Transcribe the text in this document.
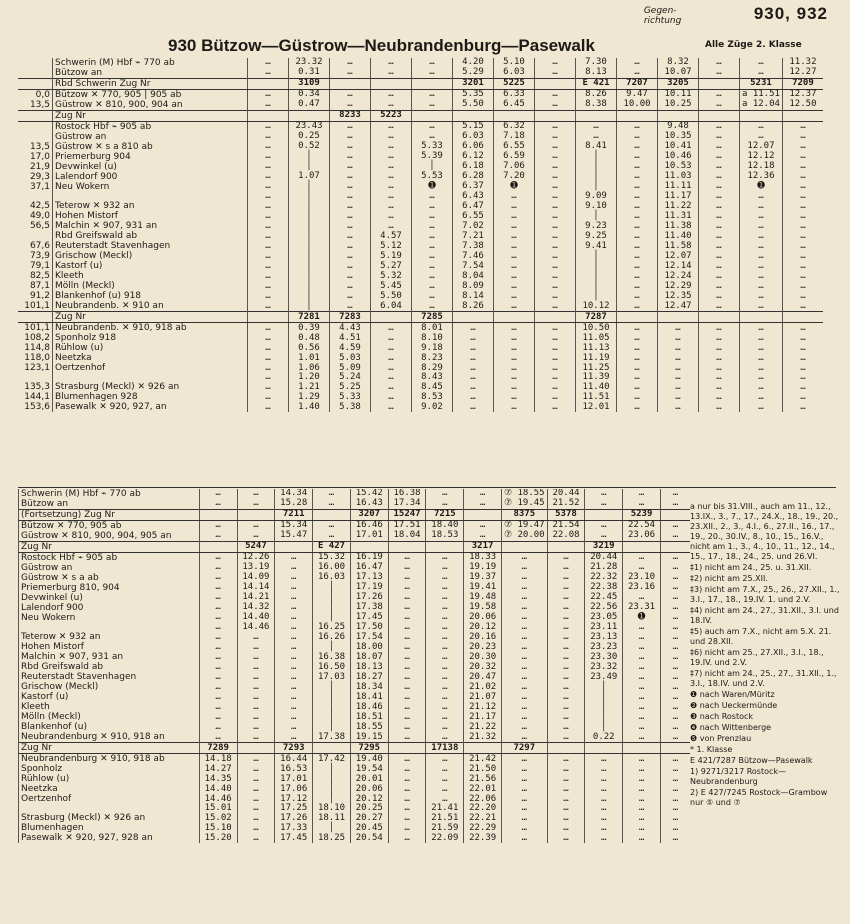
Gegen-
richtung	930, 932
930 Bützow—Güstrow—Neubrandenburg—Pasewalk	Alle Züge 2. Klasse
	Schwerin (M) Hbf ⌁ 770 ab	…	23.32	…	…	…	4.20	5.10	…	7.30	…	8.32	…	…	11.32
	Bützow an	…	0.31	…	…	…	5.29	6.03	…	8.13	…	10.07	…	…	12.27
	Rbd Schwerin Zug Nr		3109				3201	5225		E 421	7207	3205		5231	7209
0,0	Bützow ✕ 770, 905 | 905 ab	…	0.34	…	…	…	5.35	6.33	…	8.26	9.47	10.11	…	a 11.51	12.37
13,5	Güstrow ✕ 810, 900, 904 an	…	0.47	…	…	…	5.50	6.45	…	8.38	10.00	10.25	…	a 12.04	12.50
	Zug Nr			8233	5223										
	Rostock Hbf ⌁ 905 ab	…	23.43	…	…	…	5.15	6.32	…	…	…	9.48	…	…	…
	Güstrow an	…	0.25	…	…	…	6.03	7.18	…	…	…	10.35	…	…	…
13,5	Güstrow ✕ s a 810 ab	…	0.52	…	…	5.33	6.06	6.55	…	8.41	…	10.41	…	12.07	…
17,0	Priemerburg 904	…	│	…	…	5.39	6.12	6.59	…	│	…	10.46	…	12.12	…
21,9	Devwinkel (u)	…	│	…	…	│	6.18	7.06	…	│	…	10.53	…	12.18	…
29,3	Lalendorf 900	…	1.07	…	…	5.53	6.28	7.20	…	│	…	11.03	…	12.36	…
37,1	Neu Wokern	…	│	…	…	➊	6.37	➊	…	│	…	11.11	…	➊	…
		…	│	…	…	…	6.43	…	…	9.09	…	11.17	…	…	…
42,5	Teterow ✕ 932 an	…	│	…	…	…	6.47	…	…	9.10	…	11.22	…	…	…
49,0	Hohen Mistorf	…	│	…	…	…	6.55	…	…	│	…	11.31	…	…	…
56,5	Malchin ✕ 907, 931 an	…	│	…	…	…	7.02	…	…	9.23	…	11.38	…	…	…
	Rbd Greifswald ab	…	│	…	4.57	…	7.21	…	…	9.25	…	11.40	…	…	…
67,6	Reuterstadt Stavenhagen	…	│	…	5.12	…	7.38	…	…	9.41	…	11.58	…	…	…
73,9	Grischow (Meckl)	…	│	…	5.19	…	7.46	…	…	│	…	12.07	…	…	…
79,1	Kastorf (u)	…	│	…	5.27	…	7.54	…	…	│	…	12.14	…	…	…
82,5	Kleeth	…	│	…	5.32	…	8.04	…	…	│	…	12.24	…	…	…
87,1	Mölln (Meckl)	…	│	…	5.45	…	8.09	…	…	│	…	12.29	…	…	…
91,2	Blankenhof (u) 918	…	│	…	5.50	…	8.14	…	…	│	…	12.35	…	…	…
101,1	Neubrandenb. ✕ 910 an	…	│	…	6.04	…	8.26	…	…	10.12	…	12.47	…	…	…
	Zug Nr		7281	7283		7285				7287					
101,1	Neubrandenb. ✕ 910, 918 ab	…	0.39	4.43	…	8.01	…	…	…	10.50	…	…	…	…	…
108,2	Sponholz 918	…	0.48	4.51	…	8.10	…	…	…	11.05	…	…	…	…	…
114,8	Rühlow (u)	…	0.56	4.59	…	9.18	…	…	…	11.13	…	…	…	…	…
118,0	Neetzka	…	1.01	5.03	…	8.23	…	…	…	11.19	…	…	…	…	…
123,1	Oertzenhof	…	1.06	5.09	…	8.29	…	…	…	11.25	…	…	…	…	…
		…	1.20	5.24	…	8.43	…	…	…	11.39	…	…	…	…	…
135,3	Strasburg (Meckl) ✕ 926 an	…	1.21	5.25	…	8.45	…	…	…	11.40	…	…	…	…	…
144,1	Blumenhagen 928	…	1.29	5.33	…	8.53	…	…	…	11.51	…	…	…	…	…
153,6	Pasewalk ✕ 920, 927, an	…	1.40	5.38	…	9.02	…	…	…	12.01	…	…	…	…	…
Schwerin (M) Hbf ⌁ 770 ab	…	…	14.34	…	15.42	16.38	…	…	⑦ 18.55	20.44	…	…	…
Bützow an	…	…	15.28	…	16.43	17.34	…	…	⑦ 19.45	21.52	…	…	…
(Fortsetzung) Zug Nr			7211		3207	15247	7215		8375	5378		5239	
Bützow ✕ 770, 905 ab	…	…	15.34	…	16.46	17.51	18.40	…	⑦ 19.47	21.54	…	22.54	…
Güstrow ✕ 810, 900, 904, 905 an	…	…	15.47	…	17.01	18.04	18.53	…	⑦ 20.00	22.08	…	23.06	…
Zug Nr		5247		E 427				3217			3219		
Rostock Hbf ⌁ 905 ab	…	12.26	…	15.32	16.19	…	…	18.33	…	…	20.44	…	…
Güstrow an	…	13.19	…	16.00	16.47	…	…	19.19	…	…	21.28	…	…
Güstrow ✕ s a ab	…	14.09	…	16.03	17.13	…	…	19.37	…	…	22.32	23.10	…
Priemerburg 810, 904	…	14.14	…	│	17.19	…	…	19.41	…	…	22.38	23.16	…
Devwinkel (u)	…	14.21	…	│	17.26	…	…	19.48	…	…	22.45	…	…
Lalendorf 900	…	14.32	…	│	17.38	…	…	19.58	…	…	22.56	23.31	…
Neu Wokern	…	14.40	…	│	17.45	…	…	20.06	…	…	23.05	➊	…
	…	14.46	…	16.25	17.50	…	…	20.12	…	…	23.11	…	…
Teterow ✕ 932 an	…	…	…	16.26	17.54	…	…	20.16	…	…	23.13	…	…
Hohen Mistorf	…	…	…	│	18.00	…	…	20.23	…	…	23.23	…	…
Malchin ✕ 907, 931 an	…	…	…	16.38	18.07	…	…	20.30	…	…	23.30	…	…
Rbd Greifswald ab	…	…	…	16.50	18.13	…	…	20.32	…	…	23.32	…	…
Reuterstadt Stavenhagen	…	…	…	17.03	18.27	…	…	20.47	…	…	23.49	…	…
Grischow (Meckl)	…	…	…	│	18.34	…	…	21.02	…	…	│	…	…
Kastorf (u)	…	…	…	│	18.41	…	…	21.07	…	…	│	…	…
Kleeth	…	…	…	│	18.46	…	…	21.12	…	…	│	…	…
Mölln (Meckl)	…	…	…	│	18.51	…	…	21.17	…	…	│	…	…
Blankenhof (u)	…	…	…	│	18.55	…	…	21.22	…	…	│	…	…
Neubrandenburg ✕ 910, 918 an	…	…	…	17.38	19.15	…	…	21.32	…	…	0.22	…	…
Zug Nr	7289		7293		7295		17138		7297				
Neubrandenburg ✕ 910, 918 ab	14.18	…	16.44	17.42	19.40	…	…	21.42	…	…	…	…	…
Sponholz	14.27	…	16.53	│	19.54	…	…	21.50	…	…	…	…	…
Rühlow (u)	14.35	…	17.01	│	20.01	…	…	21.56	…	…	…	…	…
Neetzka	14.40	…	17.06	│	20.06	…	…	22.01	…	…	…	…	…
Oertzenhof	14.46	…	17.12	│	20.12	…	…	22.06	…	…	…	…	…
	15.01	…	17.25	18.10	20.25	…	21.41	22.20	…	…	…	…	…
Strasburg (Meckl) ✕ 926 an	15.02	…	17.26	18.11	20.27	…	21.51	22.21	…	…	…	…	…
Blumenhagen	15.10	…	17.33	│	20.45	…	21.59	22.29	…	…	…	…	…
Pasewalk ✕ 920, 927, 928 an	15.20	…	17.45	18.25	20.54	…	22.09	22.39	…	…	…	…	…
a nur bis 31.VIII., auch am 11., 12., 13.IX., 3., 7., 17., 24.X., 18., 19., 20., 23.XII., 2., 3., 4.I., 6., 27.II., 16., 17., 19., 20., 30.IV., 8., 10., 15., 16.V., nicht am 1., 3., 4., 10., 11., 12., 14., 15., 17., 18., 24., 25. und 26.VI.
‡1) nicht am 24., 25. u. 31.XII.
‡2) nicht am 25.XII.
‡3) nicht am 7.X., 25., 26., 27.XII., 1., 3.I., 17., 18., 19.IV. 1. und 2.V.
‡4) nicht am 24., 27., 31.XII., 3.I. und 18.IV.
‡5) auch am 7.X., nicht am 5.X. 21. und 28.XII.
‡6) nicht am 25., 27.XII., 3.I., 18., 19.IV. und 2.V.
‡7) nicht am 24., 25., 27., 31.XII., 1., 3.I., 18.IV. und 2.V.
❶ nach Waren/Müritz
❷ nach Ueckermünde
❸ nach Rostock
❹ nach Wittenberge
❺ von Prenzlau
* 1. Klasse
E 421/7287 Bützow—Pasewalk
1) 9271/3217 Rostock—Neubrandenburg
2) E 427/7245 Rostock—Grambow nur ⑤ und ⑦
